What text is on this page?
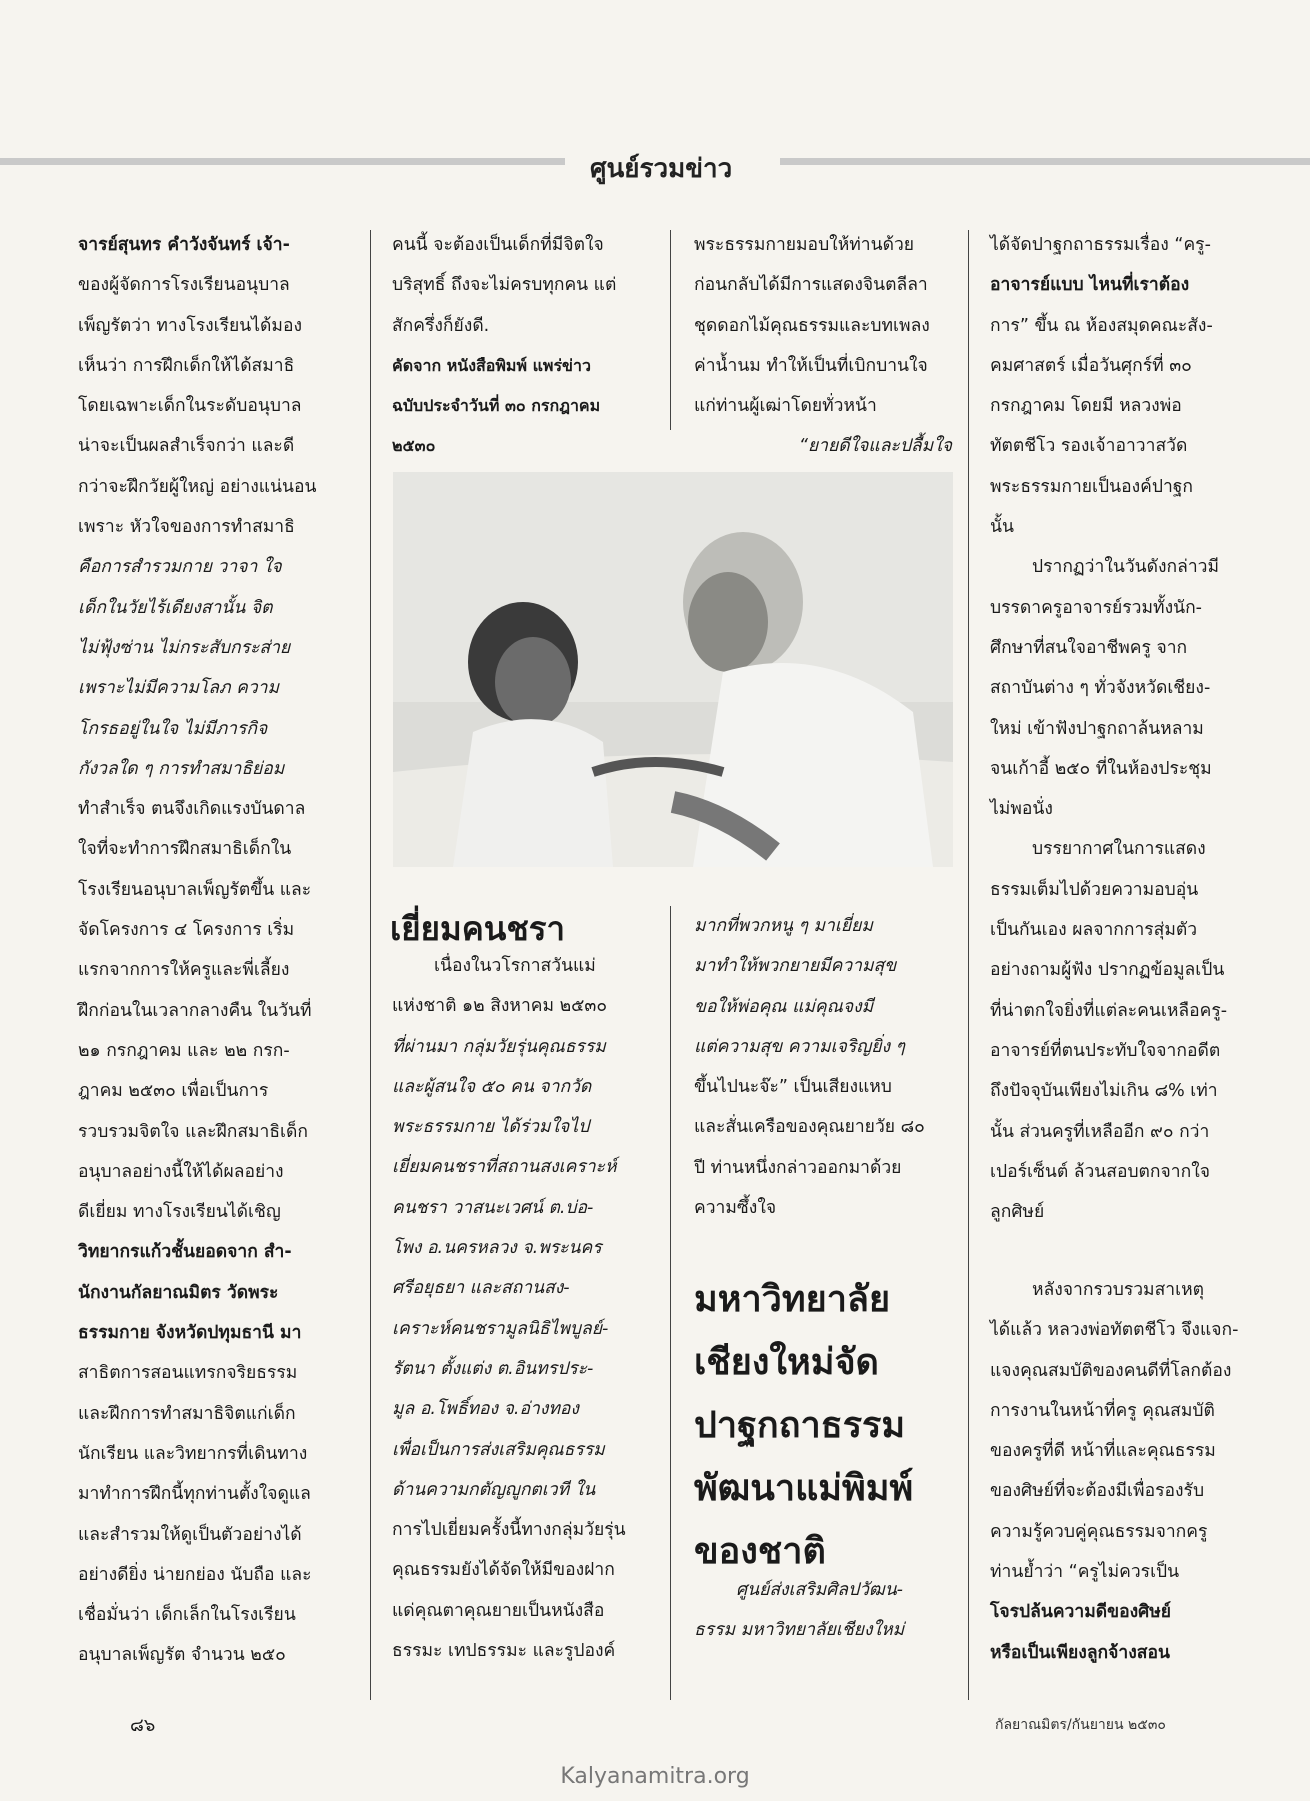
ศูนย์รวมข่าว

จารย์สุนทร คำวังจันทร์ เจ้า-

ของผู้จัดการโรงเรียนอนุบาล

เพ็ญรัตว่า ทางโรงเรียนได้มอง

เห็นว่า การฝึกเด็กให้ได้สมาธิ

โดยเฉพาะเด็กในระดับอนุบาล

น่าจะเป็นผลสำเร็จกว่า และดี

กว่าจะฝึกวัยผู้ใหญ่ อย่างแน่นอน

เพราะ หัวใจของการทำสมาธิ

คือการสำรวมกาย วาจา ใจ

เด็กในวัยไร้เดียงสานั้น จิต

ไม่ฟุ้งซ่าน ไม่กระสับกระส่าย

เพราะไม่มีความโลภ ความ

โกรธอยู่ในใจ ไม่มีภารกิจ

กังวลใด ๆ การทำสมาธิย่อม

ทำสำเร็จ ตนจึงเกิดแรงบันดาล

ใจที่จะทำการฝึกสมาธิเด็กใน

โรงเรียนอนุบาลเพ็ญรัตขึ้น และ

จัดโครงการ ๔ โครงการ เริ่ม

แรกจากการให้ครูและพี่เลี้ยง

ฝึกก่อนในเวลากลางคืน ในวันที่

๒๑ กรกฎาคม และ ๒๒ กรก-

ฎาคม ๒๕๓๐ เพื่อเป็นการ

รวบรวมจิตใจ และฝึกสมาธิเด็ก

อนุบาลอย่างนี้ให้ได้ผลอย่าง

ดีเยี่ยม ทางโรงเรียนได้เชิญ

วิทยากรแก้วชั้นยอดจาก สำ-

นักงานกัลยาณมิตร วัดพระ

ธรรมกาย จังหวัดปทุมธานี มา

สาธิตการสอนแทรกจริยธรรม

และฝึกการทำสมาธิจิตแก่เด็ก

นักเรียน และวิทยากรที่เดินทาง

มาทำการฝึกนี้ทุกท่านตั้งใจดูแล

และสำรวมให้ดูเป็นตัวอย่างได้

อย่างดียิ่ง น่ายกย่อง นับถือ และ

เชื่อมั่นว่า เด็กเล็กในโรงเรียน

อนุบาลเพ็ญรัต จำนวน ๒๕๐

คนนี้ จะต้องเป็นเด็กที่มีจิตใจ

บริสุทธิ์ ถึงจะไม่ครบทุกคน แต่

สักครึ่งก็ยังดี.

คัดจาก หนังสือพิมพ์ แพร่ข่าว

ฉบับประจำวันที่ ๓๐ กรกฎาคม

๒๕๓๐

พระธรรมกายมอบให้ท่านด้วย

ก่อนกลับได้มีการแสดงจินตลีลา

ชุดดอกไม้คุณธรรมและบทเพลง

ค่าน้ำนม ทำให้เป็นที่เบิกบานใจ

แก่ท่านผู้เฒ่าโดยทั่วหน้า

“ยายดีใจและปลื้มใจ

ได้จัดปาฐกถาธรรมเรื่อง “ครู-

อาจารย์แบบ ไหนที่เราต้อง

การ” ขึ้น ณ ห้องสมุดคณะสัง-

คมศาสตร์ เมื่อวันศุกร์ที่ ๓๐

กรกฎาคม โดยมี หลวงพ่อ

ทัตตชีโว รองเจ้าอาวาสวัด

พระธรรมกายเป็นองค์ปาฐก

นั้น

ปรากฏว่าในวันดังกล่าวมี

บรรดาครูอาจารย์รวมทั้งนัก-

ศึกษาที่สนใจอาชีพครู จาก

สถาบันต่าง ๆ ทั่วจังหวัดเชียง-

ใหม่ เข้าฟังปาฐกถาล้นหลาม

จนเก้าอี้ ๒๕๐ ที่ในห้องประชุม

ไม่พอนั่ง

บรรยากาศในการแสดง

ธรรมเต็มไปด้วยความอบอุ่น

เป็นกันเอง ผลจากการสุ่มตัว

อย่างถามผู้ฟัง ปรากฏข้อมูลเป็น

ที่น่าตกใจยิ่งที่แต่ละคนเหลือครู-

อาจารย์ที่ตนประทับใจจากอดีต

ถึงปัจจุบันเพียงไม่เกิน ๘% เท่า

นั้น ส่วนครูที่เหลืออีก ๙๐ กว่า

เปอร์เซ็นต์ ล้วนสอบตกจากใจ

ลูกศิษย์

เยี่ยมคนชรา

เนื่องในวโรกาสวันแม่

แห่งชาติ ๑๒ สิงหาคม ๒๕๓๐

ที่ผ่านมา กลุ่มวัยรุ่นคุณธรรม

และผู้สนใจ ๕๐ คน จากวัด

พระธรรมกาย ได้ร่วมใจไป

เยี่ยมคนชราที่สถานสงเคราะห์

คนชรา วาสนะเวศน์ ต.บ่อ-

โพง อ.นครหลวง จ.พระนคร

ศรีอยุธยา และสถานสง-

เคราะห์คนชรามูลนิธิไพบูลย์-

รัตนา ตั้งแต่ง ต.อินทรประ-

มูล อ.โพธิ์ทอง จ.อ่างทอง

เพื่อเป็นการส่งเสริมคุณธรรม

ด้านความกตัญญูกตเวที ใน

การไปเยี่ยมครั้งนี้ทางกลุ่มวัยรุ่น

คุณธรรมยังได้จัดให้มีของฝาก

แด่คุณตาคุณยายเป็นหนังสือ

ธรรมะ เทปธรรมะ และรูปองค์

มากที่พวกหนู ๆ มาเยี่ยม

มาทำให้พวกยายมีความสุข

ขอให้พ่อคุณ แม่คุณจงมี

แต่ความสุข ความเจริญยิ่ง ๆ

ขึ้นไปนะจ๊ะ” เป็นเสียงแหบ

และสั่นเครือของคุณยายวัย ๘๐

ปี ท่านหนึ่งกล่าวออกมาด้วย

ความซึ้งใจ

มหาวิทยาลัย
เชียงใหม่จัด
ปาฐกถาธรรม
พัฒนาแม่พิมพ์
ของชาติ

ศูนย์ส่งเสริมศิลปวัฒน-

ธรรม มหาวิทยาลัยเชียงใหม่

หลังจากรวบรวมสาเหตุ

ได้แล้ว หลวงพ่อทัตตชีโว จึงแจก-

แจงคุณสมบัติของคนดีที่โลกต้อง

การงานในหน้าที่ครู คุณสมบัติ

ของครูที่ดี หน้าที่และคุณธรรม

ของศิษย์ที่จะต้องมีเพื่อรองรับ

ความรู้ควบคู่คุณธรรมจากครู

ท่านย้ำว่า “ครูไม่ควรเป็น

โจรปล้นความดีของศิษย์

หรือเป็นเพียงลูกจ้างสอน

๘๖	กัลยาณมิตร/กันยายน ๒๕๓๐
Kalyanamitra.org
